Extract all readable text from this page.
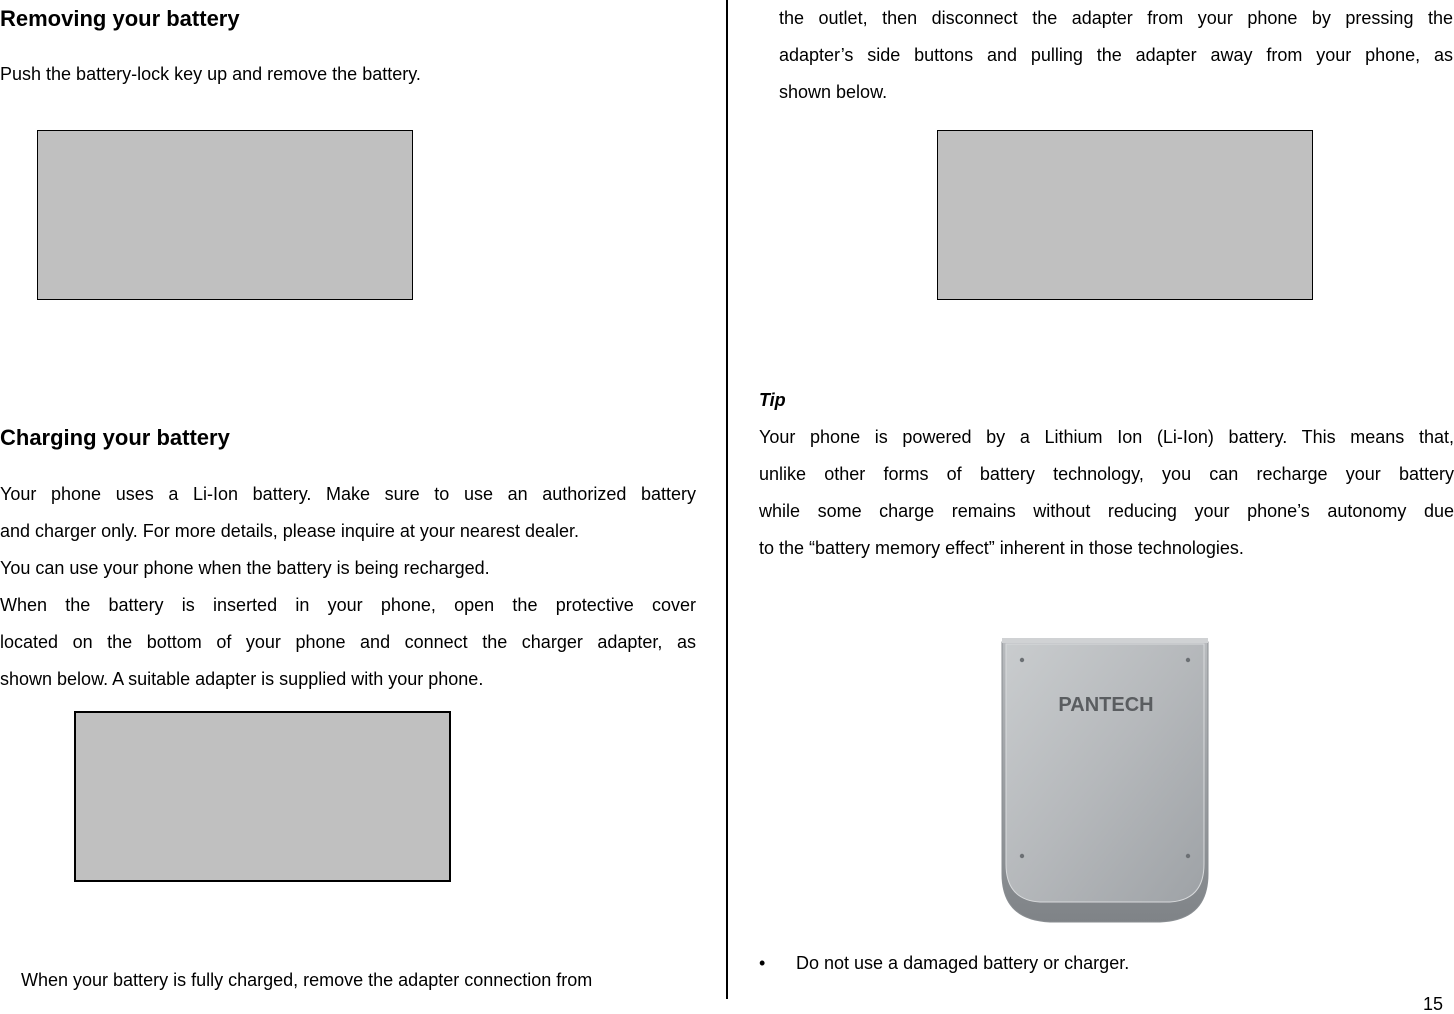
Removing your battery
Push the battery-lock key up and remove the battery.
Charging your battery
Your phone uses a Li-Ion battery. Make sure to use an authorized battery
and charger only. For more details, please inquire at your nearest dealer.
You can use your phone when the battery is being recharged.
When the battery is inserted in your phone, open the protective cover
located on the bottom of your phone and connect the charger adapter, as
shown below. A suitable adapter is supplied with your phone.
When your battery is fully charged, remove the adapter connection from
the outlet, then disconnect the adapter from your phone by pressing the
adapter’s side buttons and pulling the adapter away from your phone, as
shown below.
Tip
Your phone is powered by a Lithium Ion (Li-Ion) battery. This means that,
unlike other forms of battery technology, you can recharge your battery
while some charge remains without reducing your phone’s autonomy due
to the “battery memory effect” inherent in those technologies.
PANTECH
• Do not use a damaged battery or charger.
15
